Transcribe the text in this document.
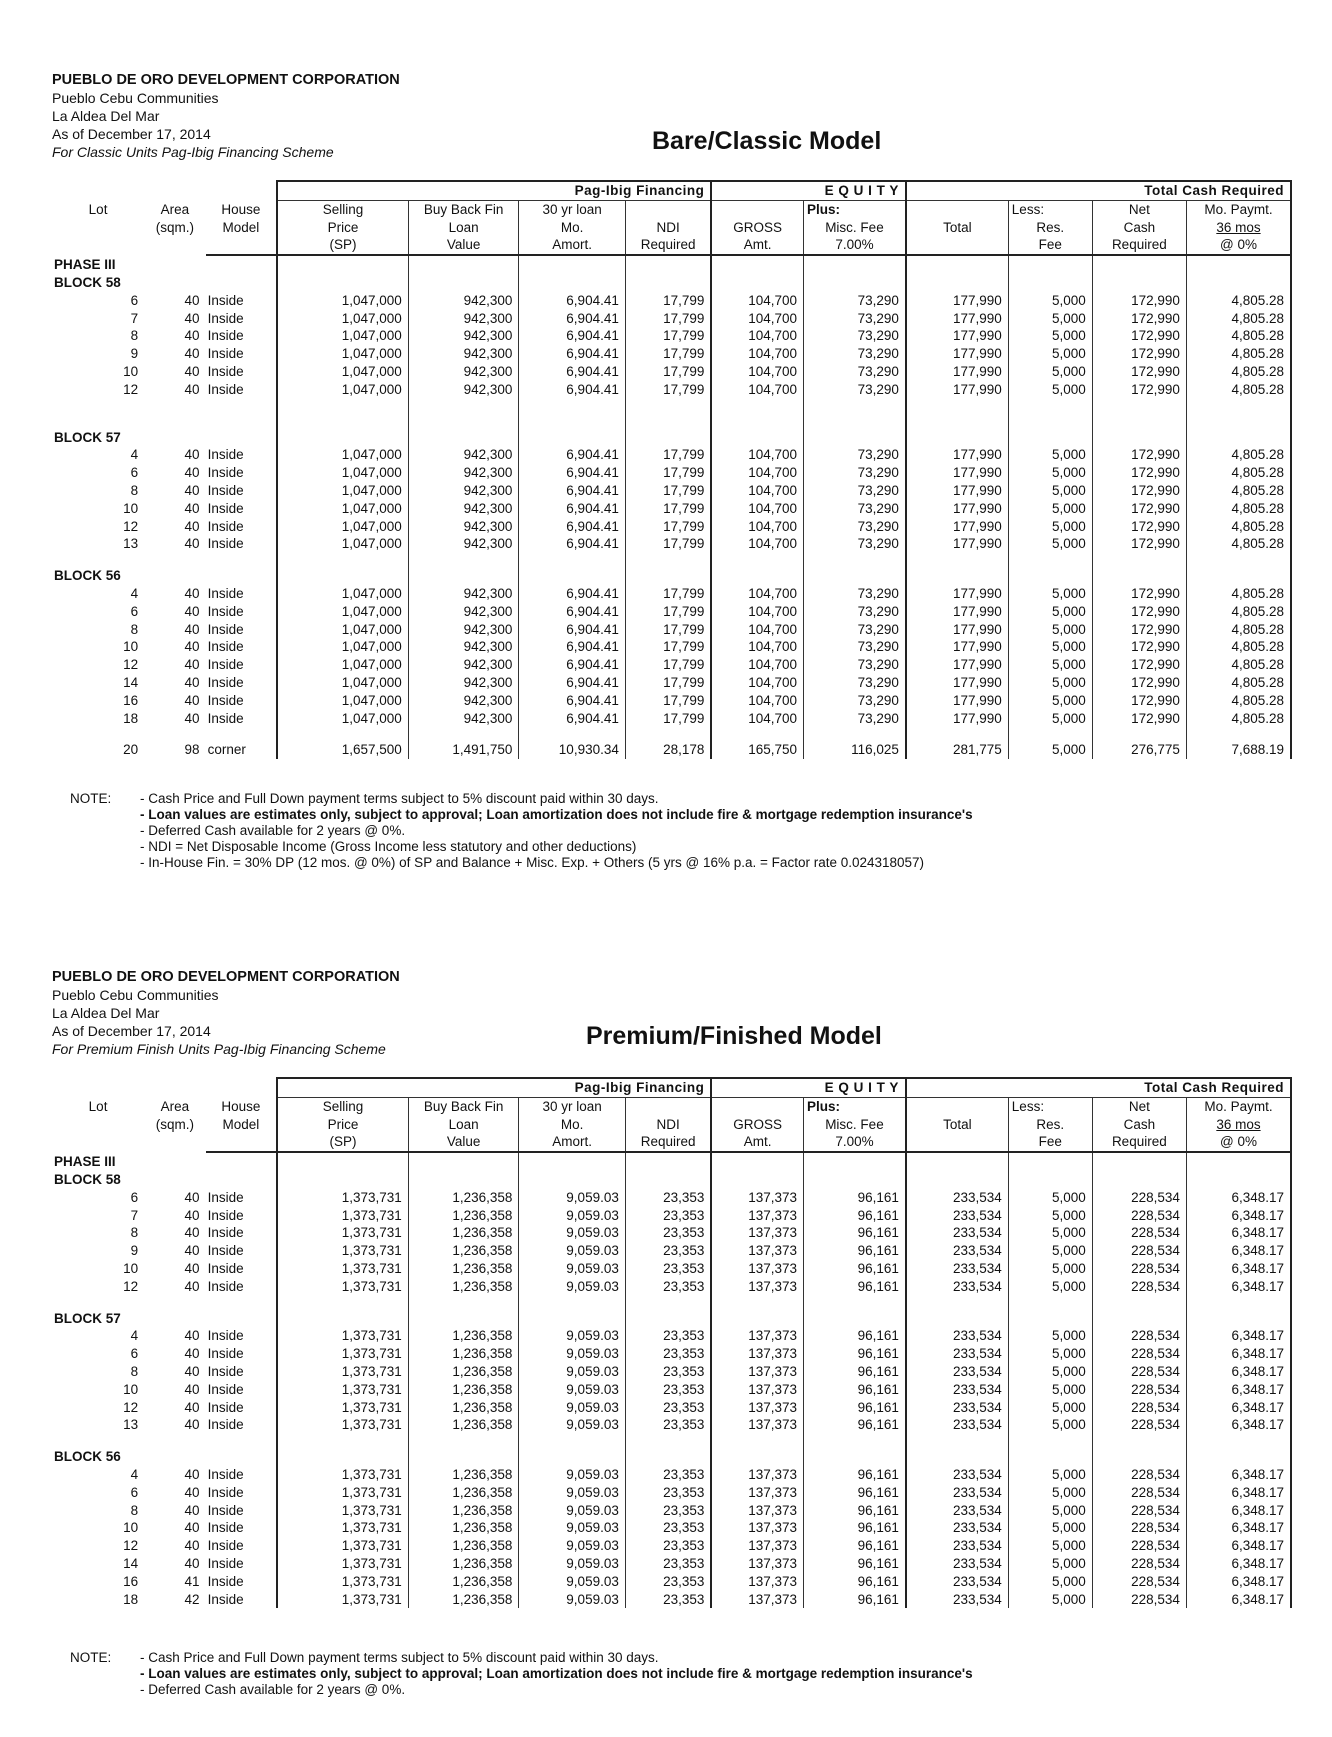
PUEBLO DE ORO DEVELOPMENT CORPORATION
Pueblo Cebu Communities
La Aldea Del Mar
As of December 17, 2014
For Classic Units Pag-Ibig Financing Scheme	Bare/Classic Model
			Pag-Ibig Financing				E Q U I T Y		Total Cash Required			
Lot	Area	House	Selling	Buy Back Fin	30 yr loan			Plus:		Less:	Net	Mo. Paymt.
	(sqm.)	Model	Price	Loan	Mo.	NDI	GROSS	Misc. Fee	Total	Res.	Cash	36 mos
			(SP)	Value	Amort.	Required	Amt.	7.00%		Fee	Required	@ 0%
PHASE III												
BLOCK 58												
6	40	Inside	1,047,000	942,300	6,904.41	17,799	104,700	73,290	177,990	5,000	172,990	4,805.28
7	40	Inside	1,047,000	942,300	6,904.41	17,799	104,700	73,290	177,990	5,000	172,990	4,805.28
8	40	Inside	1,047,000	942,300	6,904.41	17,799	104,700	73,290	177,990	5,000	172,990	4,805.28
9	40	Inside	1,047,000	942,300	6,904.41	17,799	104,700	73,290	177,990	5,000	172,990	4,805.28
10	40	Inside	1,047,000	942,300	6,904.41	17,799	104,700	73,290	177,990	5,000	172,990	4,805.28
12	40	Inside	1,047,000	942,300	6,904.41	17,799	104,700	73,290	177,990	5,000	172,990	4,805.28

BLOCK 57												
4	40	Inside	1,047,000	942,300	6,904.41	17,799	104,700	73,290	177,990	5,000	172,990	4,805.28
6	40	Inside	1,047,000	942,300	6,904.41	17,799	104,700	73,290	177,990	5,000	172,990	4,805.28
8	40	Inside	1,047,000	942,300	6,904.41	17,799	104,700	73,290	177,990	5,000	172,990	4,805.28
10	40	Inside	1,047,000	942,300	6,904.41	17,799	104,700	73,290	177,990	5,000	172,990	4,805.28
12	40	Inside	1,047,000	942,300	6,904.41	17,799	104,700	73,290	177,990	5,000	172,990	4,805.28
13	40	Inside	1,047,000	942,300	6,904.41	17,799	104,700	73,290	177,990	5,000	172,990	4,805.28

BLOCK 56												
4	40	Inside	1,047,000	942,300	6,904.41	17,799	104,700	73,290	177,990	5,000	172,990	4,805.28
6	40	Inside	1,047,000	942,300	6,904.41	17,799	104,700	73,290	177,990	5,000	172,990	4,805.28
8	40	Inside	1,047,000	942,300	6,904.41	17,799	104,700	73,290	177,990	5,000	172,990	4,805.28
10	40	Inside	1,047,000	942,300	6,904.41	17,799	104,700	73,290	177,990	5,000	172,990	4,805.28
12	40	Inside	1,047,000	942,300	6,904.41	17,799	104,700	73,290	177,990	5,000	172,990	4,805.28
14	40	Inside	1,047,000	942,300	6,904.41	17,799	104,700	73,290	177,990	5,000	172,990	4,805.28
16	40	Inside	1,047,000	942,300	6,904.41	17,799	104,700	73,290	177,990	5,000	172,990	4,805.28
18	40	Inside	1,047,000	942,300	6,904.41	17,799	104,700	73,290	177,990	5,000	172,990	4,805.28

20	98	corner	1,657,500	1,491,750	10,930.34	28,178	165,750	116,025	281,775	5,000	276,775	7,688.19
NOTE: - Cash Price and Full Down payment terms subject to 5% discount paid within 30 days.
- Loan values are estimates only, subject to approval; Loan amortization does not include fire & mortgage redemption insurance's
- Deferred Cash available for 2 years @ 0%.
- NDI = Net Disposable Income (Gross Income less statutory and other deductions)
- In-House Fin. = 30% DP (12 mos. @ 0%) of SP and Balance + Misc. Exp. + Others (5 yrs @ 16% p.a. = Factor rate 0.024318057)
PUEBLO DE ORO DEVELOPMENT CORPORATION
Pueblo Cebu Communities
La Aldea Del Mar
As of December 17, 2014
For Premium Finish Units Pag-Ibig Financing Scheme	Premium/Finished Model
			Pag-Ibig Financing				E Q U I T Y		Total Cash Required			
Lot	Area	House	Selling	Buy Back Fin	30 yr loan			Plus:		Less:	Net	Mo. Paymt.
	(sqm.)	Model	Price	Loan	Mo.	NDI	GROSS	Misc. Fee	Total	Res.	Cash	36 mos
			(SP)	Value	Amort.	Required	Amt.	7.00%		Fee	Required	@ 0%
PHASE III												
BLOCK 58												
6	40	Inside	1,373,731	1,236,358	9,059.03	23,353	137,373	96,161	233,534	5,000	228,534	6,348.17
7	40	Inside	1,373,731	1,236,358	9,059.03	23,353	137,373	96,161	233,534	5,000	228,534	6,348.17
8	40	Inside	1,373,731	1,236,358	9,059.03	23,353	137,373	96,161	233,534	5,000	228,534	6,348.17
9	40	Inside	1,373,731	1,236,358	9,059.03	23,353	137,373	96,161	233,534	5,000	228,534	6,348.17
10	40	Inside	1,373,731	1,236,358	9,059.03	23,353	137,373	96,161	233,534	5,000	228,534	6,348.17
12	40	Inside	1,373,731	1,236,358	9,059.03	23,353	137,373	96,161	233,534	5,000	228,534	6,348.17

BLOCK 57												
4	40	Inside	1,373,731	1,236,358	9,059.03	23,353	137,373	96,161	233,534	5,000	228,534	6,348.17
6	40	Inside	1,373,731	1,236,358	9,059.03	23,353	137,373	96,161	233,534	5,000	228,534	6,348.17
8	40	Inside	1,373,731	1,236,358	9,059.03	23,353	137,373	96,161	233,534	5,000	228,534	6,348.17
10	40	Inside	1,373,731	1,236,358	9,059.03	23,353	137,373	96,161	233,534	5,000	228,534	6,348.17
12	40	Inside	1,373,731	1,236,358	9,059.03	23,353	137,373	96,161	233,534	5,000	228,534	6,348.17
13	40	Inside	1,373,731	1,236,358	9,059.03	23,353	137,373	96,161	233,534	5,000	228,534	6,348.17

BLOCK 56												
4	40	Inside	1,373,731	1,236,358	9,059.03	23,353	137,373	96,161	233,534	5,000	228,534	6,348.17
6	40	Inside	1,373,731	1,236,358	9,059.03	23,353	137,373	96,161	233,534	5,000	228,534	6,348.17
8	40	Inside	1,373,731	1,236,358	9,059.03	23,353	137,373	96,161	233,534	5,000	228,534	6,348.17
10	40	Inside	1,373,731	1,236,358	9,059.03	23,353	137,373	96,161	233,534	5,000	228,534	6,348.17
12	40	Inside	1,373,731	1,236,358	9,059.03	23,353	137,373	96,161	233,534	5,000	228,534	6,348.17
14	40	Inside	1,373,731	1,236,358	9,059.03	23,353	137,373	96,161	233,534	5,000	228,534	6,348.17
16	41	Inside	1,373,731	1,236,358	9,059.03	23,353	137,373	96,161	233,534	5,000	228,534	6,348.17
18	42	Inside	1,373,731	1,236,358	9,059.03	23,353	137,373	96,161	233,534	5,000	228,534	6,348.17
NOTE: - Cash Price and Full Down payment terms subject to 5% discount paid within 30 days.
- Loan values are estimates only, subject to approval; Loan amortization does not include fire & mortgage redemption insurance's
- Deferred Cash available for 2 years @ 0%.
